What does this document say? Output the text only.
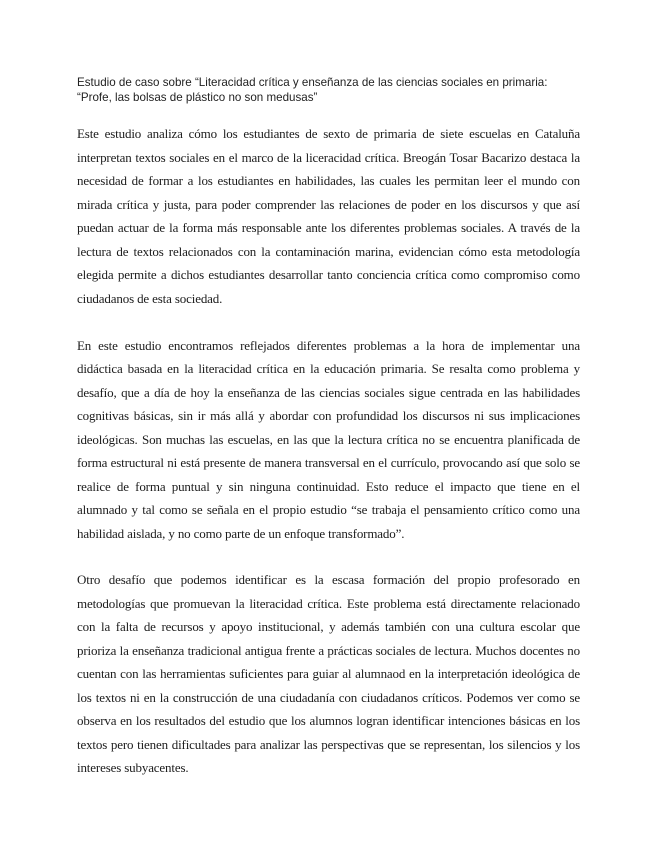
Estudio de caso sobre “Literacidad crítica y enseñanza de las ciencias sociales en primaria:
“Profe, las bolsas de plástico no son medusas”

Este estudio analiza cómo los estudiantes de sexto de primaria de siete escuelas en Cataluña interpretan textos sociales en el marco de la liceracidad crítica. Breogán Tosar Bacarizo destaca la necesidad de formar a los estudiantes en habilidades, las cuales les permitan leer el mundo con mirada crítica y justa, para poder comprender las relaciones de poder en los discursos y que así puedan actuar de la forma más responsable ante los diferentes problemas sociales. A través de la lectura de textos relacionados con la contaminación marina, evidencian cómo esta metodología elegida permite a dichos estudiantes desarrollar tanto conciencia crítica como compromiso como ciudadanos de esta sociedad.

En este estudio encontramos reflejados diferentes problemas a la hora de implementar una didáctica basada en la literacidad crítica en la educación primaria. Se resalta como problema y desafío, que a día de hoy la enseñanza de las ciencias sociales sigue centrada en las habilidades cognitivas básicas, sin ir más allá y abordar con profundidad los discursos ni sus implicaciones ideológicas. Son muchas las escuelas, en las que la lectura crítica no se encuentra planificada de forma estructural ni está presente de manera transversal en el currículo, provocando así que solo se realice de forma puntual y sin ninguna continuidad. Esto reduce el impacto que tiene en el alumnado y tal como se señala en el propio estudio “se trabaja el pensamiento crítico como una habilidad aislada, y no como parte de un enfoque transformado”.

Otro desafío que podemos identificar es la escasa formación del propio profesorado en metodologías que promuevan la literacidad crítica. Este problema está directamente relacionado con la falta de recursos y apoyo institucional, y además también con una cultura escolar que prioriza la enseñanza tradicional antigua frente a prácticas sociales de lectura. Muchos docentes no cuentan con las herramientas suficientes para guiar al alumnaod en la interpretación ideológica de los textos ni en la construcción de una ciudadanía con ciudadanos críticos. Podemos ver como se observa en los resultados del estudio que los alumnos logran identificar intenciones básicas en los textos pero tienen dificultades para analizar las perspectivas que se representan, los silencios y los intereses subyacentes.
